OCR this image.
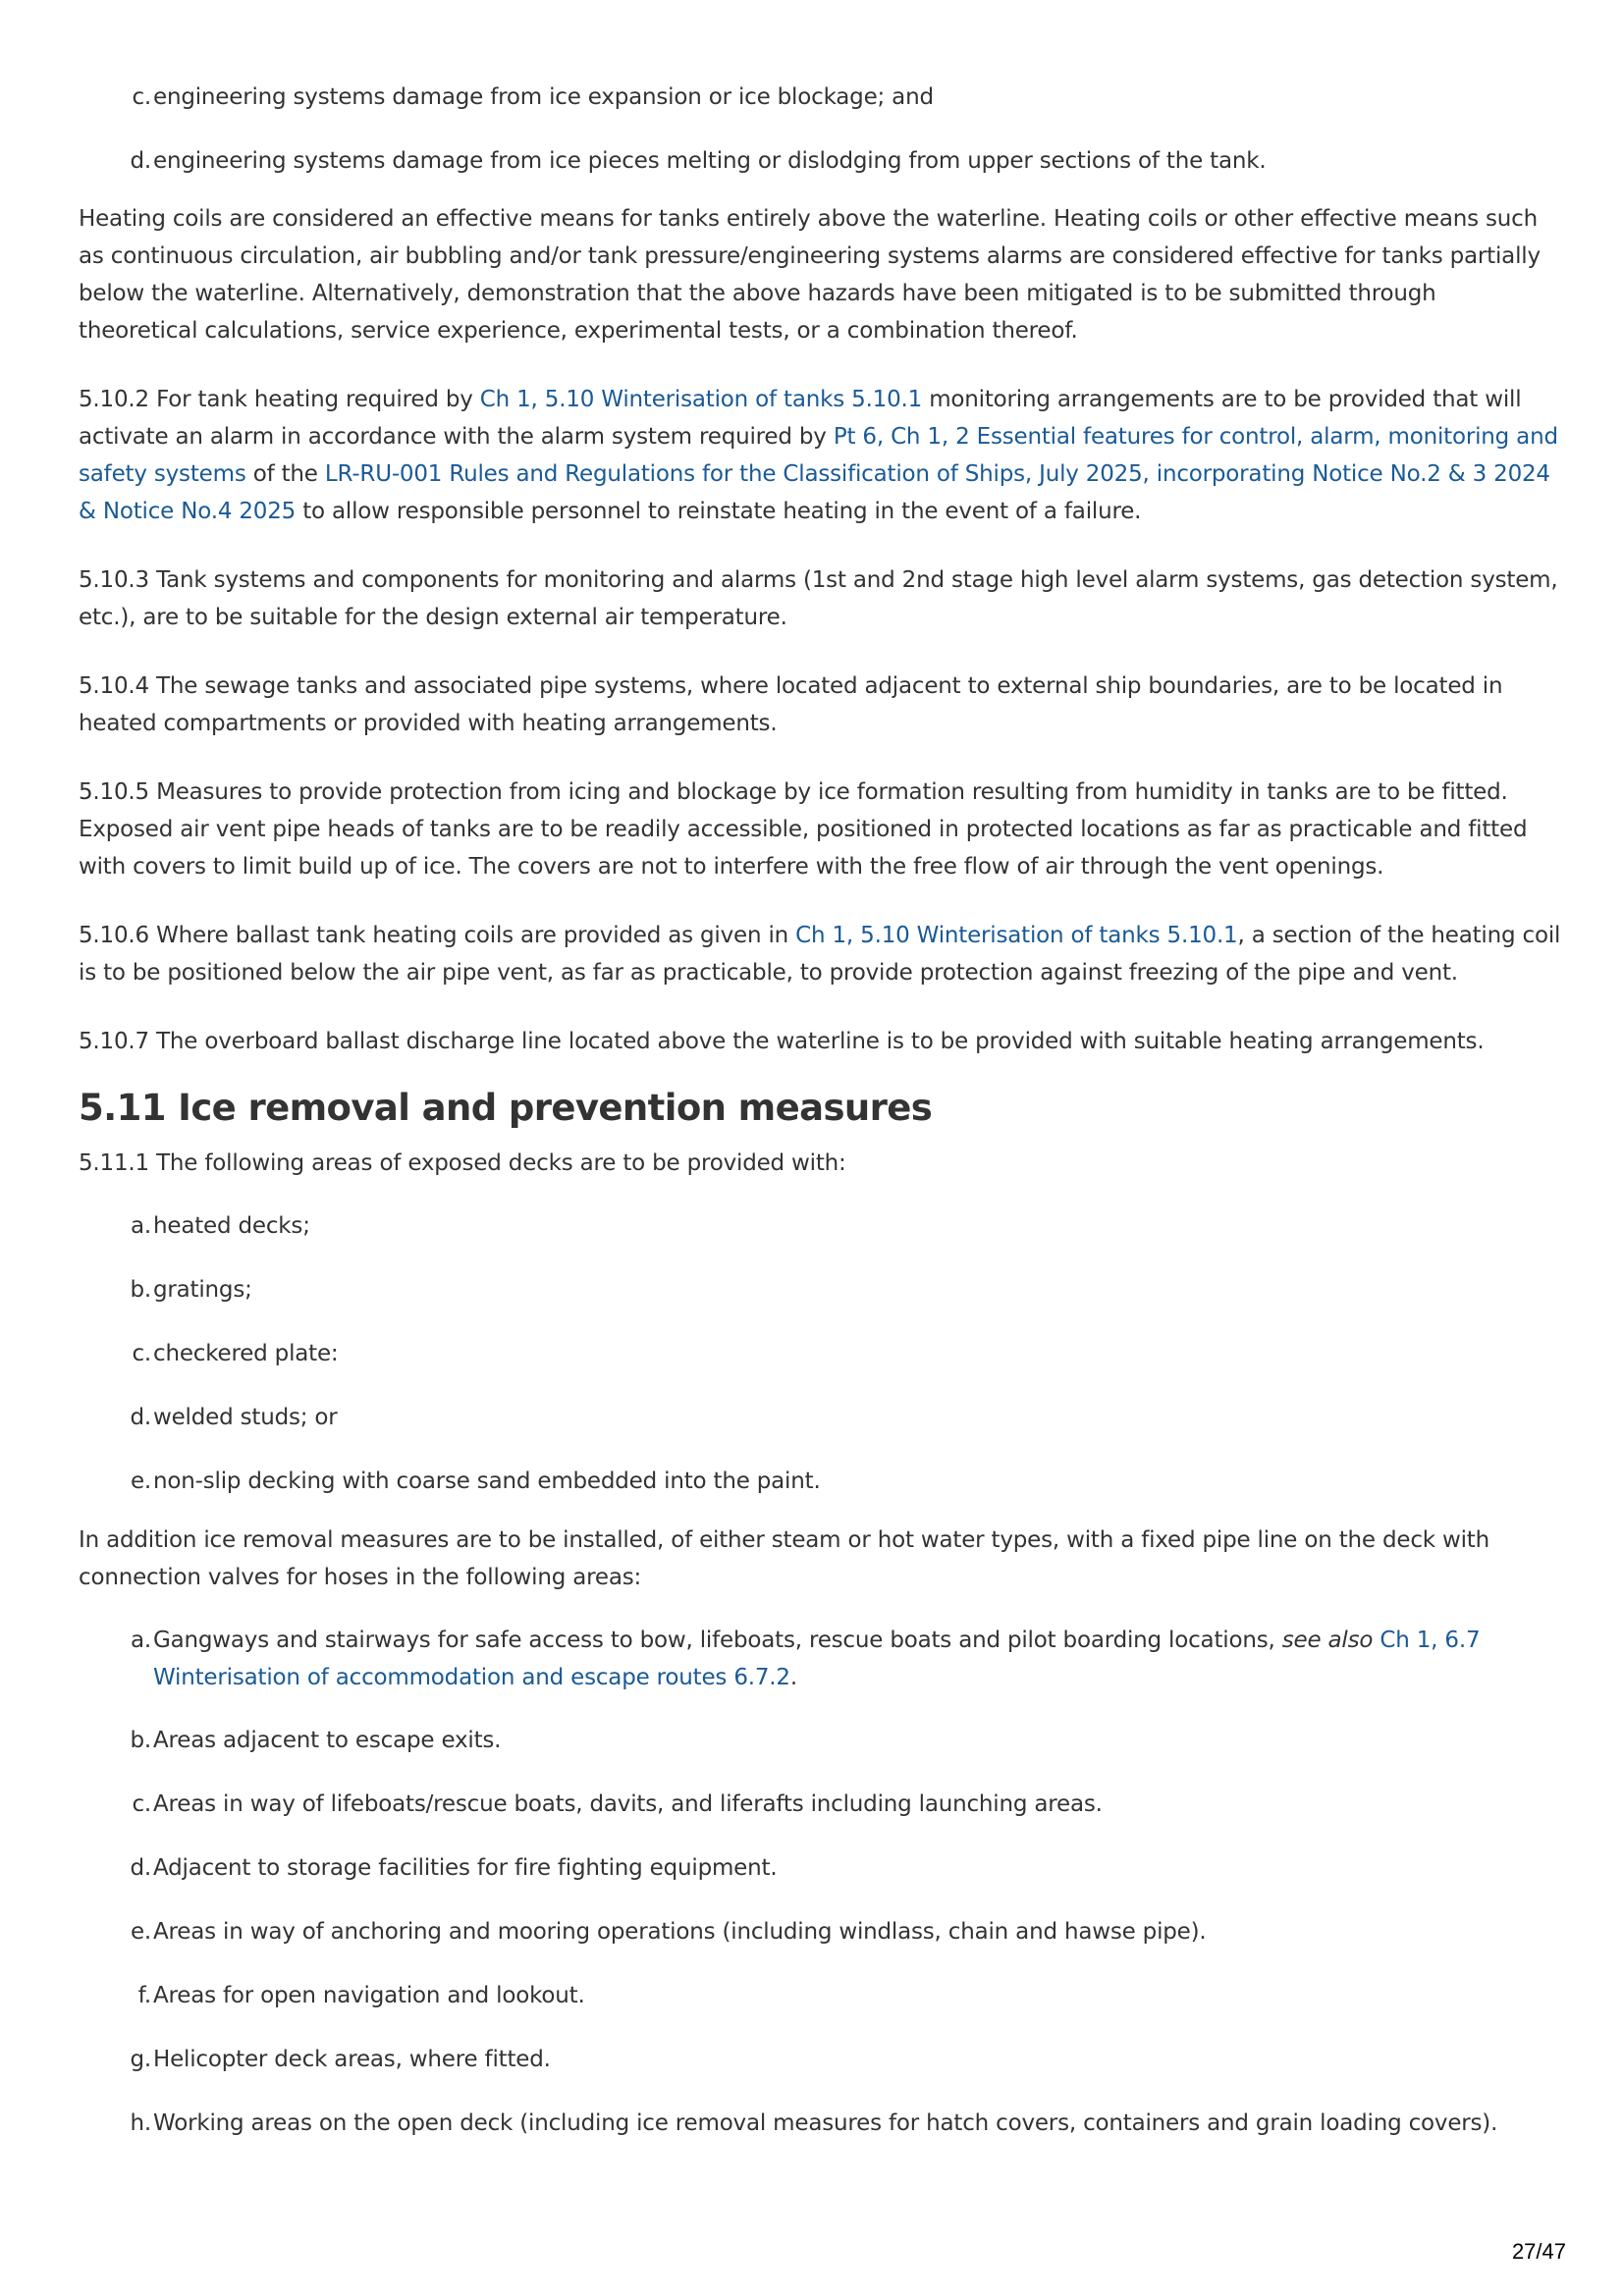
c. engineering systems damage from ice expansion or ice blockage; and
d. engineering systems damage from ice pieces melting or dislodging from upper sections of the tank.

Heating coils are considered an effective means for tanks entirely above the waterline. Heating coils or other effective means such as continuous circulation, air bubbling and/or tank pressure/engineering systems alarms are considered effective for tanks partially below the waterline. Alternatively, demonstration that the above hazards have been mitigated is to be submitted through theoretical calculations, service experience, experimental tests, or a combination thereof.

5.10.2 For tank heating required by Ch 1, 5.10 Winterisation of tanks 5.10.1 monitoring arrangements are to be provided that will activate an alarm in accordance with the alarm system required by Pt 6, Ch 1, 2 Essential features for control, alarm, monitoring and safety systems of the LR-RU-001 Rules and Regulations for the Classification of Ships, July 2025, incorporating Notice No.2 & 3 2024 & Notice No.4 2025 to allow responsible personnel to reinstate heating in the event of a failure.

5.10.3 Tank systems and components for monitoring and alarms (1st and 2nd stage high level alarm systems, gas detection system, etc.), are to be suitable for the design external air temperature.

5.10.4 The sewage tanks and associated pipe systems, where located adjacent to external ship boundaries, are to be located in heated compartments or provided with heating arrangements.

5.10.5 Measures to provide protection from icing and blockage by ice formation resulting from humidity in tanks are to be fitted. Exposed air vent pipe heads of tanks are to be readily accessible, positioned in protected locations as far as practicable and fitted with covers to limit build up of ice. The covers are not to interfere with the free flow of air through the vent openings.

5.10.6 Where ballast tank heating coils are provided as given in Ch 1, 5.10 Winterisation of tanks 5.10.1, a section of the heating coil is to be positioned below the air pipe vent, as far as practicable, to provide protection against freezing of the pipe and vent.

5.10.7 The overboard ballast discharge line located above the waterline is to be provided with suitable heating arrangements.

5.11 Ice removal and prevention measures

5.11.1 The following areas of exposed decks are to be provided with:

a. heated decks;
b. gratings;
c. checkered plate:
d. welded studs; or
e. non-slip decking with coarse sand embedded into the paint.

In addition ice removal measures are to be installed, of either steam or hot water types, with a fixed pipe line on the deck with connection valves for hoses in the following areas:

a. Gangways and stairways for safe access to bow, lifeboats, rescue boats and pilot boarding locations, see also Ch 1, 6.7 Winterisation of accommodation and escape routes 6.7.2.
b. Areas adjacent to escape exits.
c. Areas in way of lifeboats/rescue boats, davits, and liferafts including launching areas.
d. Adjacent to storage facilities for fire fighting equipment.
e. Areas in way of anchoring and mooring operations (including windlass, chain and hawse pipe).
f. Areas for open navigation and lookout.
g. Helicopter deck areas, where fitted.
h. Working areas on the open deck (including ice removal measures for hatch covers, containers and grain loading covers).
27/47
